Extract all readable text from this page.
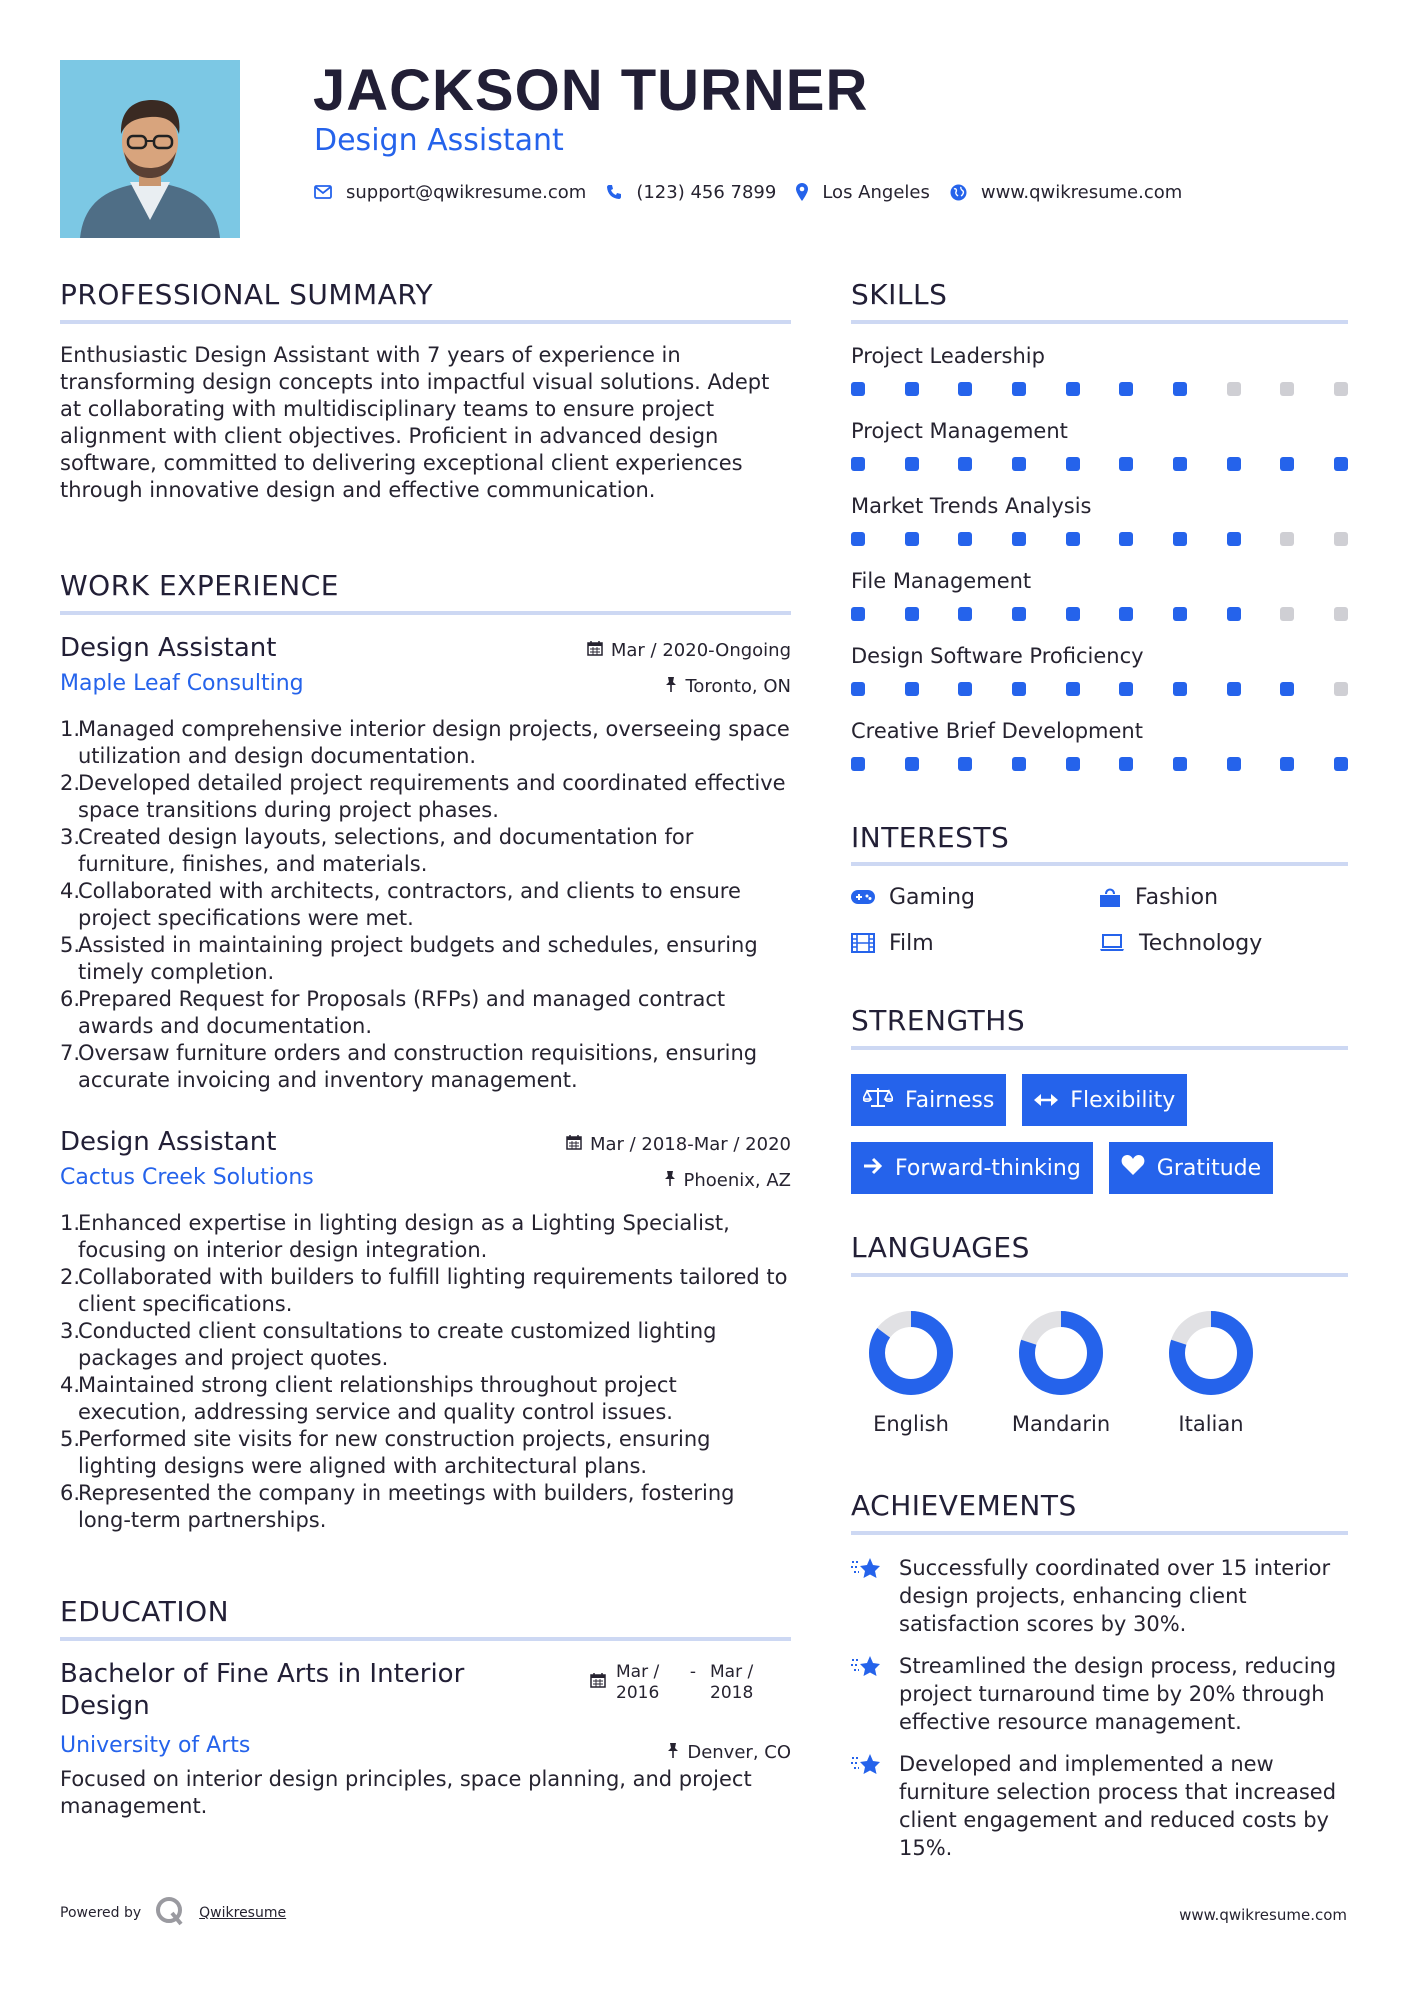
JACKSON TURNER
Design Assistant
support@qwikresume.com	(123) 456 7899	Los Angeles	www.qwikresume.com
PROFESSIONAL SUMMARY

Enthusiastic Design Assistant with 7 years of experience in transforming design concepts into impactful visual solutions. Adept at collaborating with multidisciplinary teams to ensure project alignment with client objectives. Proficient in advanced design software, committed to delivering exceptional client experiences through innovative design and effective communication.

WORK EXPERIENCE
Design Assistant	Mar / 2020-Ongoing
Maple Leaf Consulting	Toronto, ON
Managed comprehensive interior design projects, overseeing space utilization and design documentation.
Developed detailed project requirements and coordinated effective space transitions during project phases.
Created design layouts, selections, and documentation for furniture, finishes, and materials.
Collaborated with architects, contractors, and clients to ensure project specifications were met.
Assisted in maintaining project budgets and schedules, ensuring timely completion.
Prepared Request for Proposals (RFPs) and managed contract awards and documentation.
Oversaw furniture orders and construction requisitions, ensuring accurate invoicing and inventory management.
Design Assistant	Mar / 2018-Mar / 2020
Cactus Creek Solutions	Phoenix, AZ
Enhanced expertise in lighting design as a Lighting Specialist, focusing on interior design integration.
Collaborated with builders to fulfill lighting requirements tailored to client specifications.
Conducted client consultations to create customized lighting packages and project quotes.
Maintained strong client relationships throughout project execution, addressing service and quality control issues.
Performed site visits for new construction projects, ensuring lighting designs were aligned with architectural plans.
Represented the company in meetings with builders, fostering long-term partnerships.
EDUCATION
Bachelor of Fine Arts in Interior Design
Mar / 2016
- Mar / 2018
University of Arts	Denver, CO

Focused on interior design principles, space planning, and project management.

SKILLS
Project Leadership
Project Management
Market Trends Analysis
File Management
Design Software Proficiency
Creative Brief Development
INTERESTS
Gaming	Fashion
Film	Technology
STRENGTHS
Fairness	Flexibility
Forward-thinking	Gratitude
LANGUAGES
English	Mandarin	Italian
ACHIEVEMENTS
Successfully coordinated over 15 interior design projects, enhancing client satisfaction scores by 30%.
Streamlined the design process, reducing project turnaround time by 20% through effective resource management.
Developed and implemented a new furniture selection process that increased client engagement and reduced costs by 15%.
Powered by	Qwikresume	www.qwikresume.com
